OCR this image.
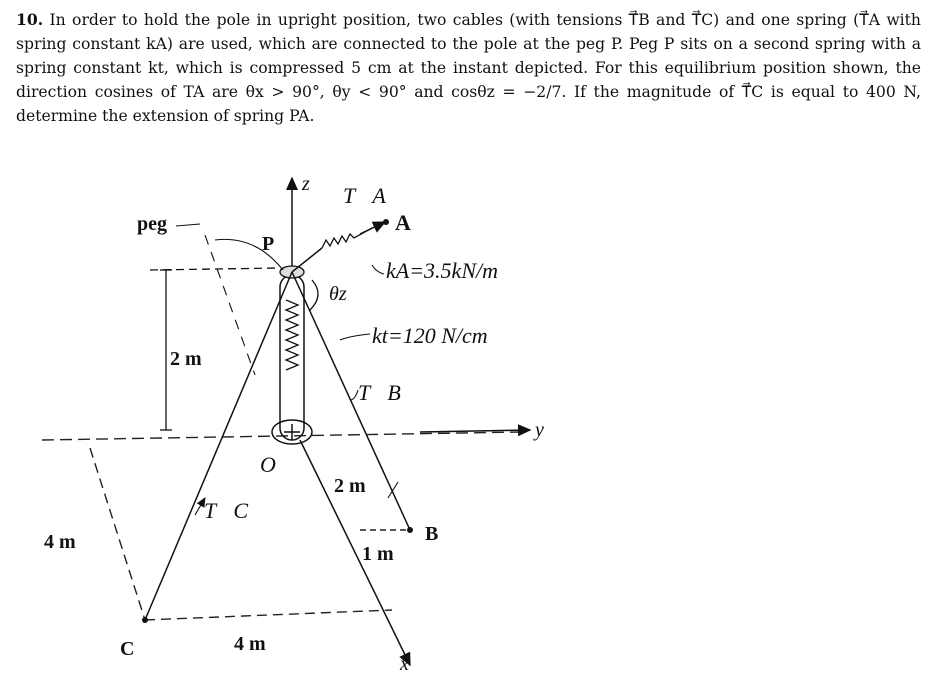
10. In order to hold the pole in upright position, two cables (with tensions T⃗B and T⃗C) and one spring (T⃗A with spring constant kA) are used, which are connected to the pole at the peg P. Peg P sits on a second spring with a spring constant kt, which is compressed 5 cm at the instant depicted. For this equilibrium position shown, the direction cosines of TA are θx > 90°, θy < 90° and cosθz = −2/7. If the magnitude of T⃗C is equal to 400 N, determine the extension of spring PA.
z
y
x
peg
P
A
T⃗A
θz
kA=3.5kN/m
kt=120 N/cm
T⃗B
O
2 m
2 m
1 m
B
T⃗C
4 m
4 m
C
